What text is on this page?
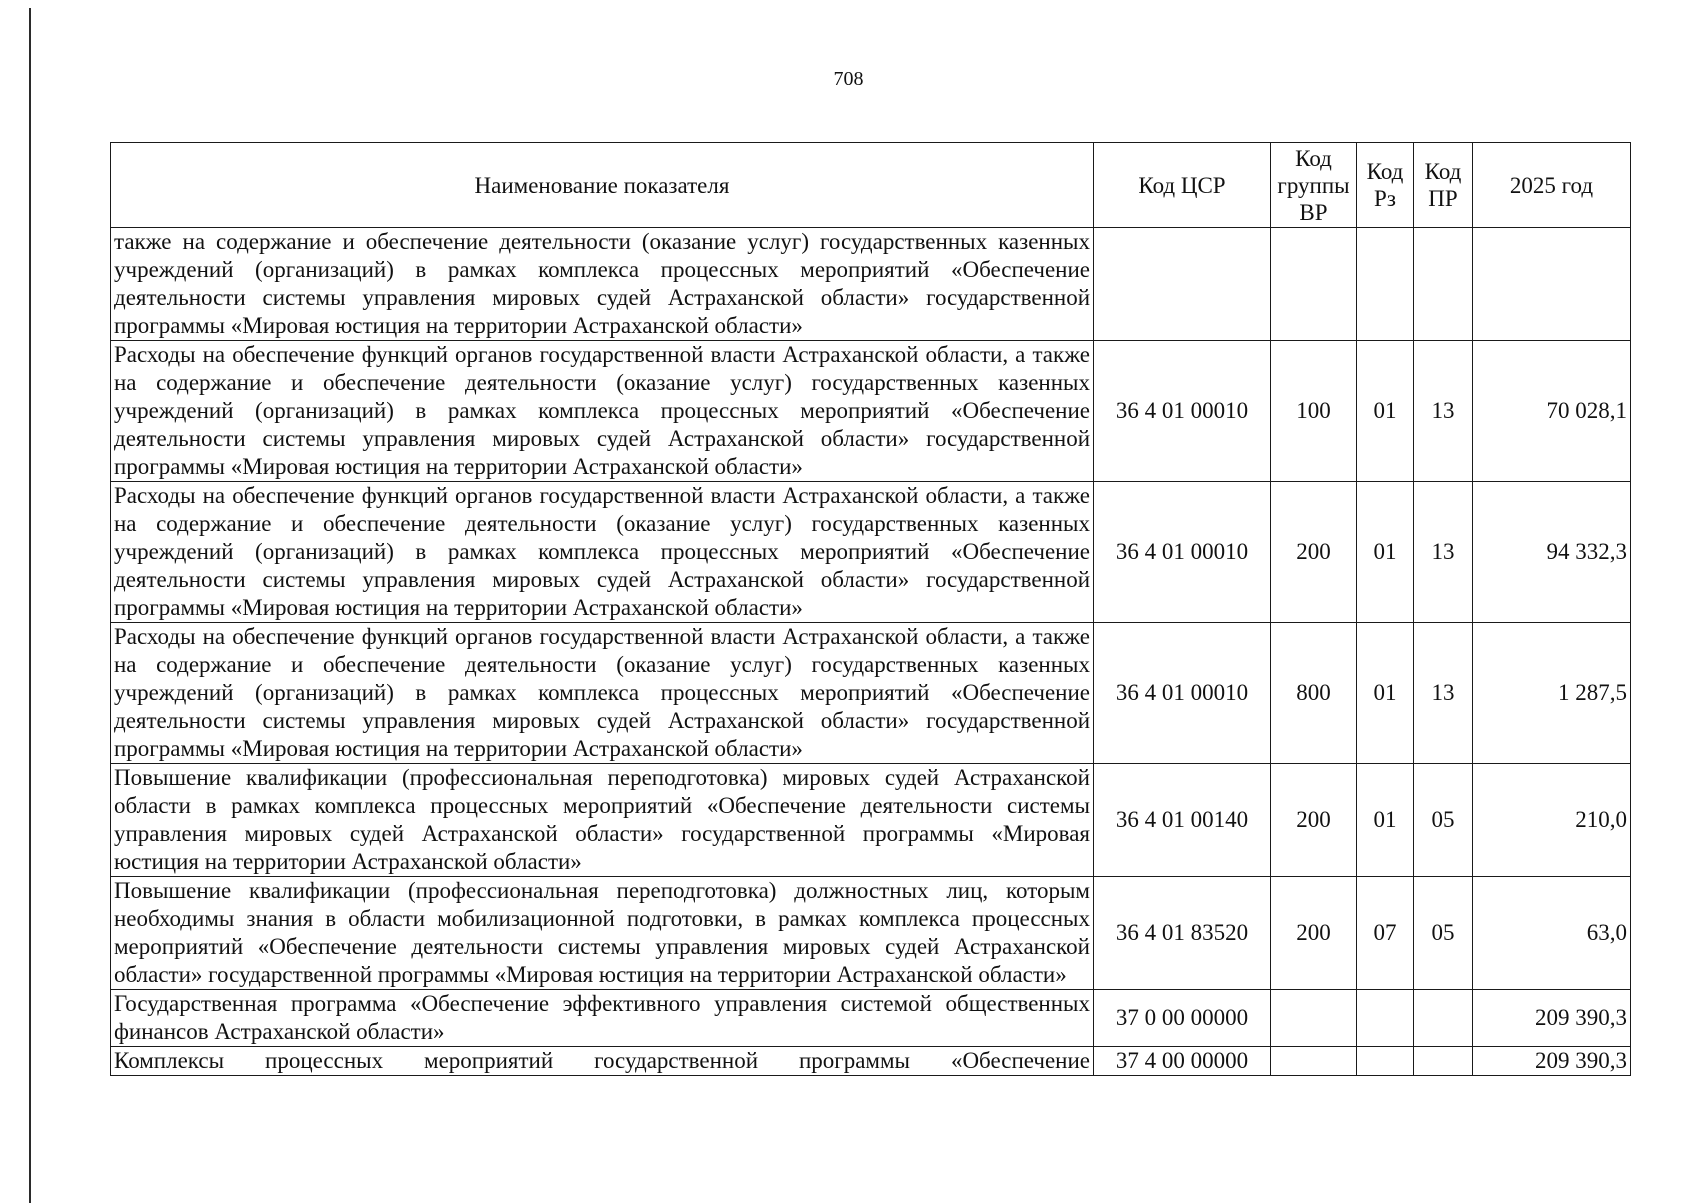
708
Наименование показателя	Код ЦСР	Код группы ВР	Код Рз	Код ПР	2025 год
также на содержание и обеспечение деятельности (оказание услуг) государственных казенных учреждений (организаций) в рамках комплекса процессных мероприятий «Обеспечение деятельности системы управления мировых судей Астраханской области» государственной программы «Мировая юстиция на территории Астраханской области»					
Расходы на обеспечение функций органов государственной власти Астраханской области, а также на содержание и обеспечение деятельности (оказание услуг) государственных казенных учреждений (организаций) в рамках комплекса процессных мероприятий «Обеспечение деятельности системы управления мировых судей Астраханской области» государственной программы «Мировая юстиция на территории Астраханской области»	36 4 01 00010	100	01	13	70 028,1
Расходы на обеспечение функций органов государственной власти Астраханской области, а также на содержание и обеспечение деятельности (оказание услуг) государственных казенных учреждений (организаций) в рамках комплекса процессных мероприятий «Обеспечение деятельности системы управления мировых судей Астраханской области» государственной программы «Мировая юстиция на территории Астраханской области»	36 4 01 00010	200	01	13	94 332,3
Расходы на обеспечение функций органов государственной власти Астраханской области, а также на содержание и обеспечение деятельности (оказание услуг) государственных казенных учреждений (организаций) в рамках комплекса процессных мероприятий «Обеспечение деятельности системы управления мировых судей Астраханской области» государственной программы «Мировая юстиция на территории Астраханской области»	36 4 01 00010	800	01	13	1 287,5
Повышение квалификации (профессиональная переподготовка) мировых судей Астраханской области в рамках комплекса процессных мероприятий «Обеспечение деятельности системы управления мировых судей Астраханской области» государственной программы «Мировая юстиция на территории Астраханской области»	36 4 01 00140	200	01	05	210,0
Повышение квалификации (профессиональная переподготовка) должностных лиц, которым необходимы знания в области мобилизационной подготовки, в рамках комплекса процессных мероприятий «Обеспечение деятельности системы управления мировых судей Астраханской области» государственной программы «Мировая юстиция на территории Астраханской области»	36 4 01 83520	200	07	05	63,0
Государственная программа «Обеспечение эффективного управления системой общественных финансов Астраханской области»	37 0 00 00000				209 390,3
Комплексы процессных мероприятий государственной программы «Обеспечение	37 4 00 00000				209 390,3
